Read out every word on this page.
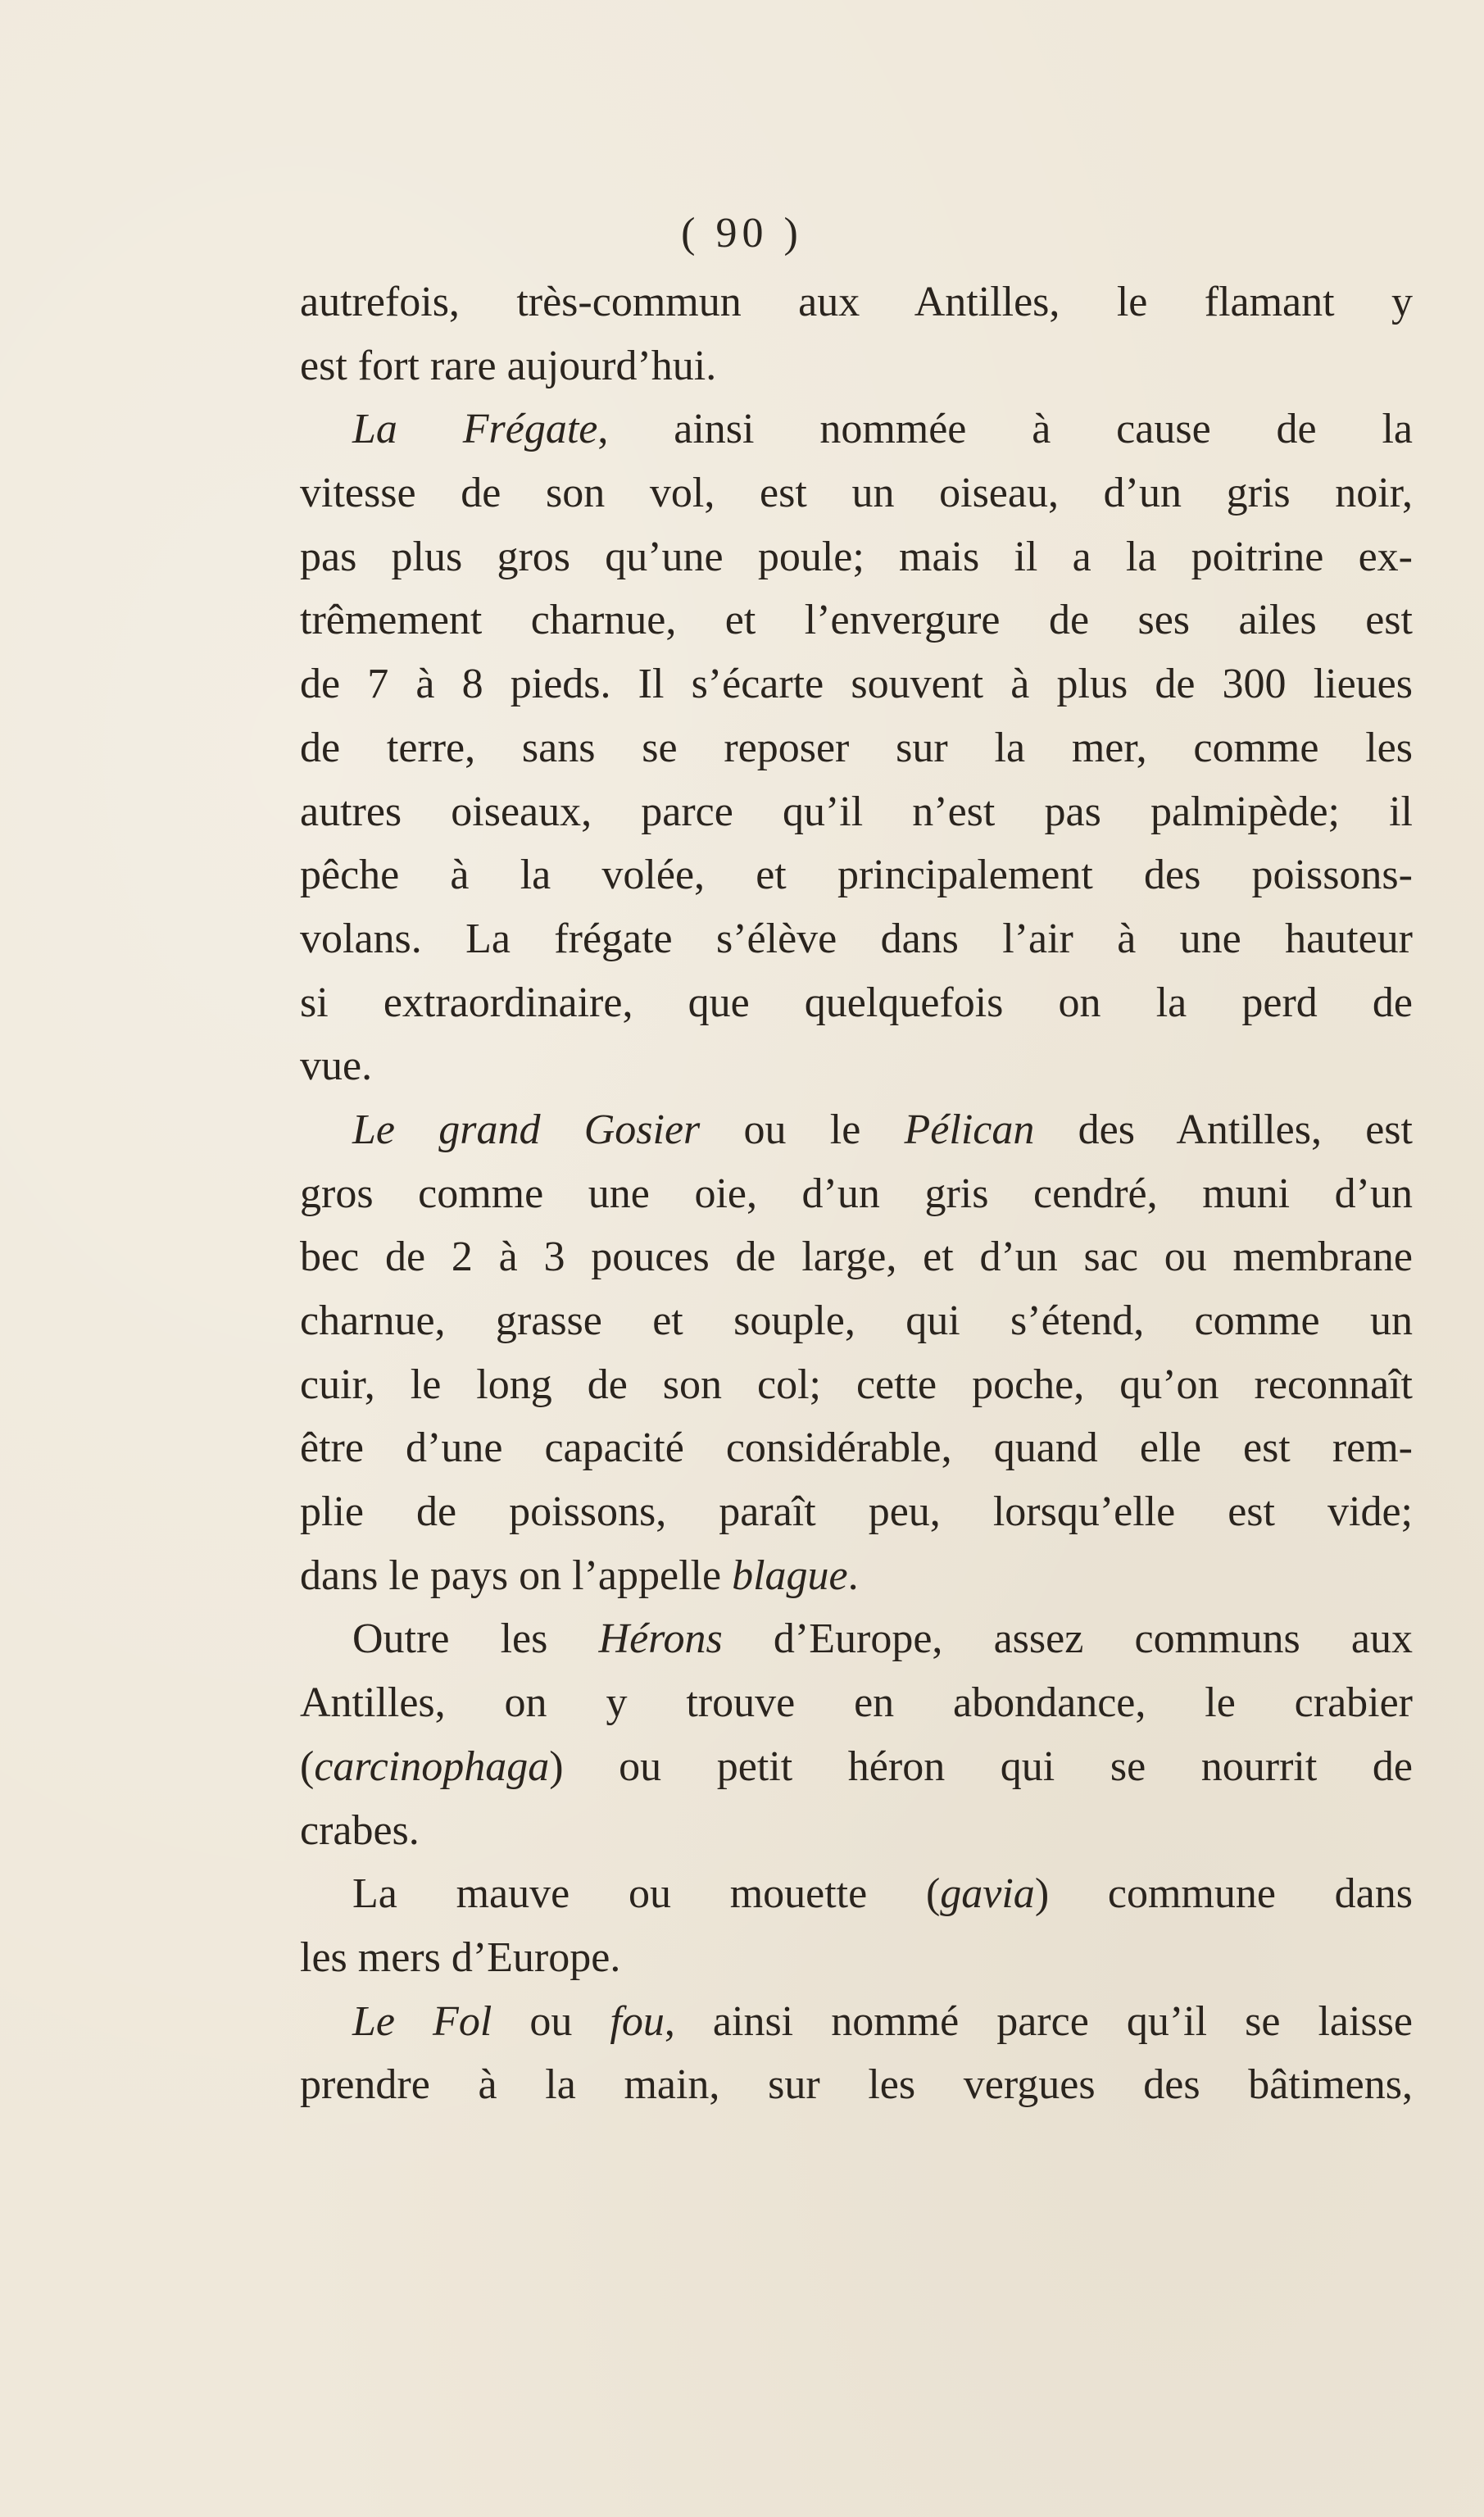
( 90 )
autrefois, très-commun aux Antilles, le flamant y
est fort rare aujourd’hui.
La Frégate, ainsi nommée à cause de la
vitesse de son vol, est un oiseau, d’un gris noir,
pas plus gros qu’une poule; mais il a la poitrine ex-
trêmement charnue, et l’envergure de ses ailes est
de 7 à 8 pieds. Il s’écarte souvent à plus de 300 lieues
de terre, sans se reposer sur la mer, comme les
autres oiseaux, parce qu’il n’est pas palmipède; il
pêche à la volée, et principalement des poissons-
volans. La frégate s’élève dans l’air à une hauteur
si extraordinaire, que quelquefois on la perd de
vue.
Le grand Gosier ou le Pélican des Antilles, est
gros comme une oie, d’un gris cendré, muni d’un
bec de 2 à 3 pouces de large, et d’un sac ou membrane
charnue, grasse et souple, qui s’étend, comme un
cuir, le long de son col; cette poche, qu’on reconnaît
être d’une capacité considérable, quand elle est rem-
plie de poissons, paraît peu, lorsqu’elle est vide;
dans le pays on l’appelle blague.
Outre les Hérons d’Europe, assez communs aux
Antilles, on y trouve en abondance, le crabier
(carcinophaga) ou petit héron qui se nourrit de
crabes.
La mauve ou mouette (gavia) commune dans
les mers d’Europe.
Le Fol ou fou, ainsi nommé parce qu’il se laisse
prendre à la main, sur les vergues des bâtimens,
